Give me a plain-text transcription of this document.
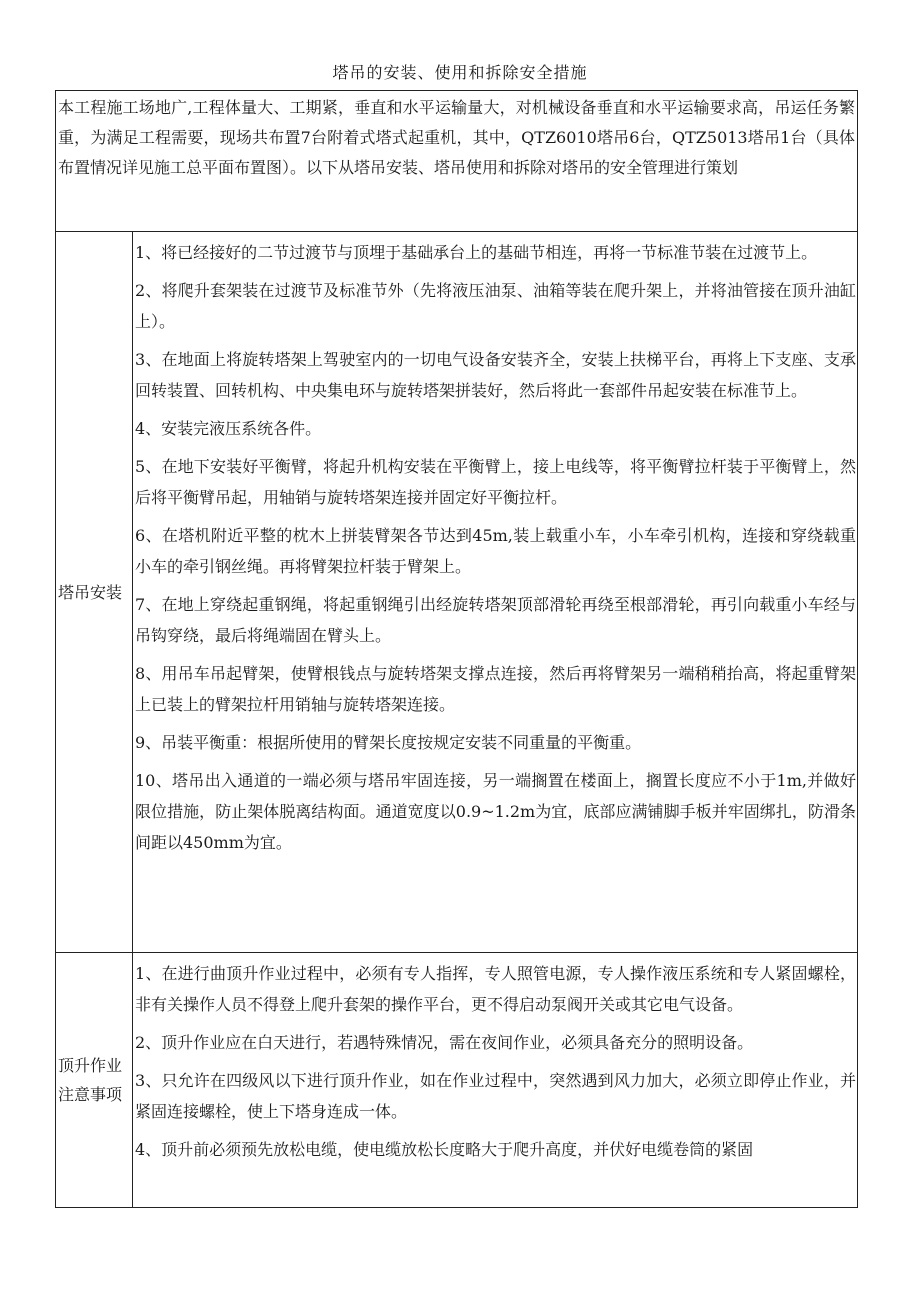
塔吊的安装、使用和拆除安全措施
本工程施工场地广,工程体量大、工期紧，垂直和水平运输量大，对机械设备垂直和水平运输要求高，吊运任务繁重，为满足工程需要，现场共布置7台附着式塔式起重机，其中，QTZ6010塔吊6台，QTZ5013塔吊1台（具体布置情况详见施工总平面布置图）。以下从塔吊安装、塔吊使用和拆除对塔吊的安全管理进行策划
塔吊安装

1、将已经接好的二节过渡节与顶埋于基础承台上的基础节相连，再将一节标准节装在过渡节上。

2、将爬升套架装在过渡节及标准节外（先将液压油泵、油箱等装在爬升架上，并将油管接在顶升油缸上）。

3、在地面上将旋转塔架上驾驶室内的一切电气设备安装齐全，安装上扶梯平台，再将上下支座、支承回转装置、回转机构、中央集电环与旋转塔架拼装好，然后将此一套部件吊起安装在标准节上。

4、安装完液压系统各件。

5、在地下安装好平衡臂，将起升机构安装在平衡臂上，接上电线等，将平衡臂拉杆装于平衡臂上，然后将平衡臂吊起，用轴销与旋转塔架连接并固定好平衡拉杆。

6、在塔机附近平整的枕木上拼装臂架各节达到45m,装上载重小车，小车牵引机构，连接和穿绕载重小车的牵引钢丝绳。再将臂架拉杆装于臂架上。

7、在地上穿绕起重钢绳，将起重钢绳引出经旋转塔架顶部滑轮再绕至根部滑轮，再引向载重小车经与吊钩穿绕，最后将绳端固在臂头上。

8、用吊车吊起臂架，使臂根钱点与旋转塔架支撑点连接，然后再将臂架另一端稍稍抬高，将起重臂架上已装上的臂架拉杆用销轴与旋转塔架连接。

9、吊装平衡重：根据所使用的臂架长度按规定安装不同重量的平衡重。

10、塔吊出入通道的一端必须与塔吊牢固连接，另一端搁置在楼面上，搁置长度应不小于1m,并做好限位措施，防止架体脱离结构面。通道宽度以0.9~1.2m为宜，底部应满铺脚手板并牢固绑扎，防滑条间距以450mm为宜。

顶升作业注意事项

1、在进行曲顶升作业过程中，必须有专人指挥，专人照管电源，专人操作液压系统和专人紧固螺栓，非有关操作人员不得登上爬升套架的操作平台，更不得启动泵阀开关或其它电气设备。

2、顶升作业应在白天进行，若遇特殊情况，需在夜间作业，必须具备充分的照明设备。

3、只允许在四级风以下进行顶升作业，如在作业过程中，突然遇到风力加大，必须立即停止作业，并紧固连接螺栓，使上下塔身连成一体。

4、顶升前必须预先放松电缆，使电缆放松长度略大于爬升高度，并伏好电缆卷筒的紧固
